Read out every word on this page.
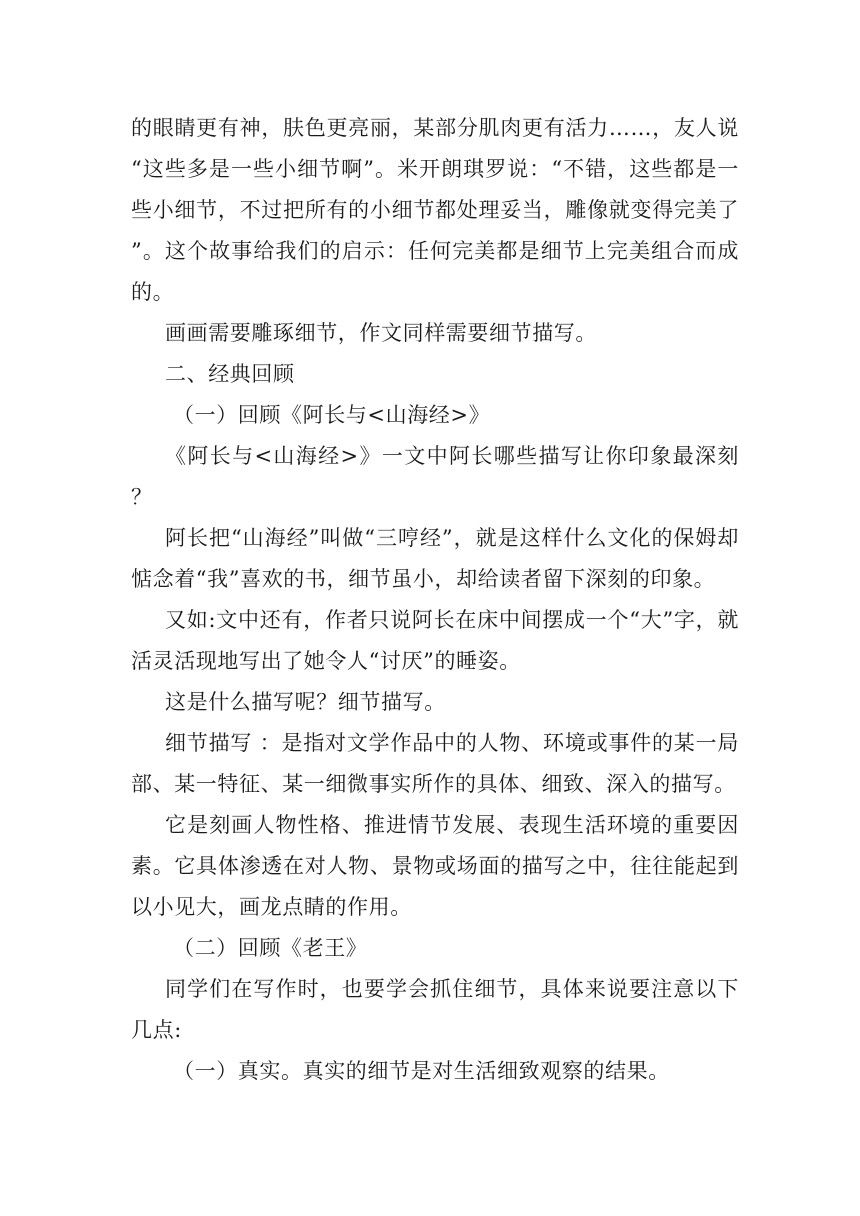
的眼睛更有神，肤色更亮丽，某部分肌肉更有活力……，友人说“这些多是一些小细节啊”。米开朗琪罗说：“不错，这些都是一些小细节，不过把所有的小细节都处理妥当，雕像就变得完美了”。这个故事给我们的启示：任何完美都是细节上完美组合而成的。

画画需要雕琢细节，作文同样需要细节描写。

二、经典回顾

（一）回顾《阿长与<山海经>》

《阿长与<山海经>》一文中阿长哪些描写让你印象最深刻？

阿长把“山海经”叫做“三哼经”，就是这样什么文化的保姆却惦念着“我”喜欢的书，细节虽小，却给读者留下深刻的印象。

又如:文中还有，作者只说阿长在床中间摆成一个“大”字，就活灵活现地写出了她令人“讨厌”的睡姿。

这是什么描写呢？细节描写。

细节描写 ：是指对文学作品中的人物、环境或事件的某一局部、某一特征、某一细微事实所作的具体、细致、深入的描写。

它是刻画人物性格、推进情节发展、表现生活环境的重要因素。它具体渗透在对人物、景物或场面的描写之中，往往能起到以小见大，画龙点睛的作用。

（二）回顾《老王》

同学们在写作时，也要学会抓住细节，具体来说要注意以下几点:

（一）真实。真实的细节是对生活细致观察的结果。
